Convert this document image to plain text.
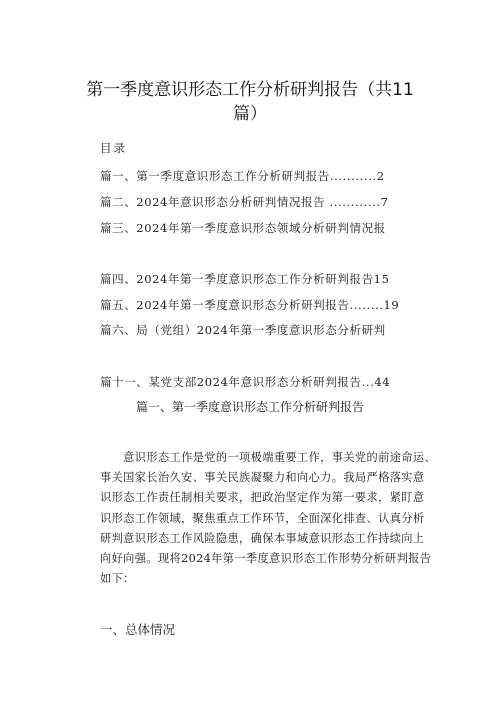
第一季度意识形态工作分析研判报告（共11
篇）
目录
篇一、第一季度意识形态工作分析研判报告...........2
篇二、2024年意识形态分析研判情况报告 ............7
篇三、2024年第一季度意识形态领域分析研判情况报
篇四、2024年第一季度意识形态工作分析研判报告15
篇五、2024年第一季度意识形态分析研判报告........19
篇六、局（党组）2024年第一季度意识形态分析研判
篇十一、某党支部2024年意识形态分析研判报告...44
篇一、第一季度意识形态工作分析研判报告
　　意识形态工作是党的一项极端重要工作，事关党的前途命运、
事关国家长治久安、事关民族凝聚力和向心力。我局严格落实意
识形态工作责任制相关要求，把政治坚定作为第一要求，紧盯意
识形态工作领域，聚焦重点工作环节，全面深化排查、认真分析
研判意识形态工作风险隐患，确保本事域意识形态工作持续向上
向好向强。现将2024年第一季度意识形态工作形势分析研判报告
如下：
一、总体情况
